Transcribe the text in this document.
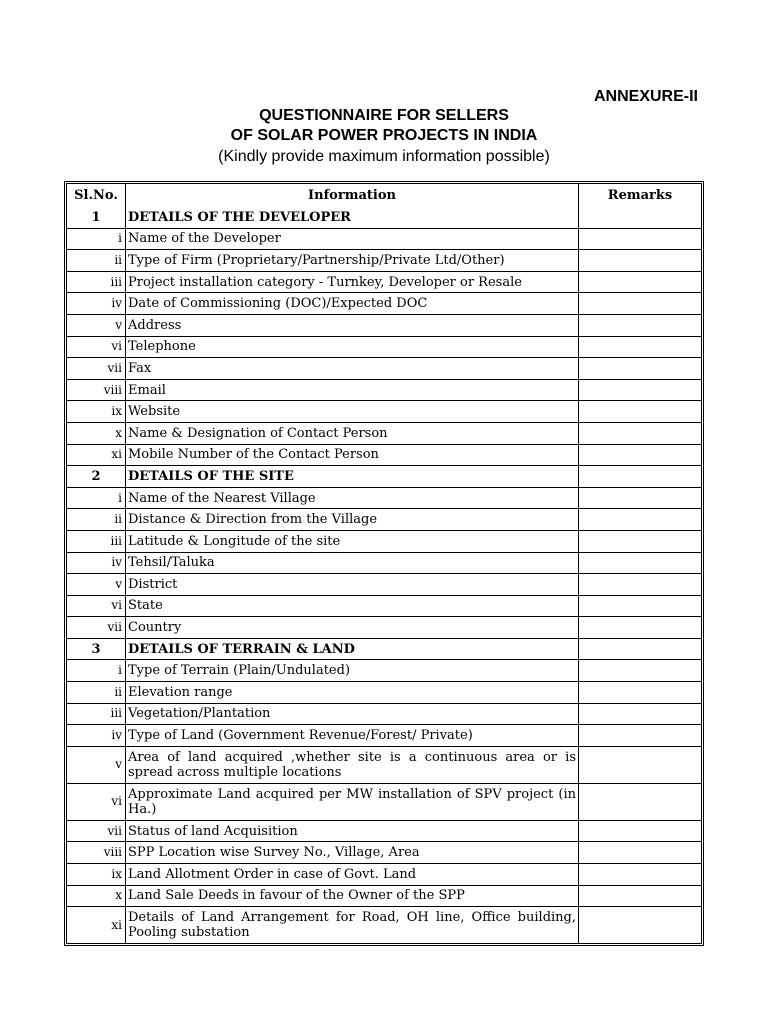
ANNEXURE-II
QUESTIONNAIRE FOR SELLERS
OF SOLAR POWER PROJECTS IN INDIA
(Kindly provide maximum information possible)
Sl.No.	Information	Remarks
1	DETAILS OF THE DEVELOPER	
i	Name of the Developer	
ii	Type of Firm (Proprietary/Partnership/Private Ltd/Other)	
iii	Project installation category - Turnkey, Developer or Resale	
iv	Date of Commissioning (DOC)/Expected DOC	
v	Address	
vi	Telephone	
vii	Fax	
viii	Email	
ix	Website	
x	Name & Designation of Contact Person	
xi	Mobile Number of the Contact Person	
2	DETAILS OF THE SITE	
i	Name of the Nearest Village	
ii	Distance & Direction from the Village	
iii	Latitude & Longitude of the site	
iv	Tehsil/Taluka	
v	District	
vi	State	
vii	Country	
3	DETAILS OF TERRAIN & LAND	
i	Type of Terrain (Plain/Undulated)	
ii	Elevation range	
iii	Vegetation/Plantation	
iv	Type of Land (Government Revenue/Forest/ Private)	
v	Area of land acquired ,whether site is a continuous area or is spread across multiple locations	
vi	Approximate Land acquired per MW installation of SPV project (in Ha.)	
vii	Status of land Acquisition	
viii	SPP Location wise Survey No., Village, Area	
ix	Land Allotment Order in case of Govt. Land	
x	Land Sale Deeds in favour of the Owner of the SPP	
xi	Details of Land Arrangement for Road, OH line, Office building, Pooling substation	
